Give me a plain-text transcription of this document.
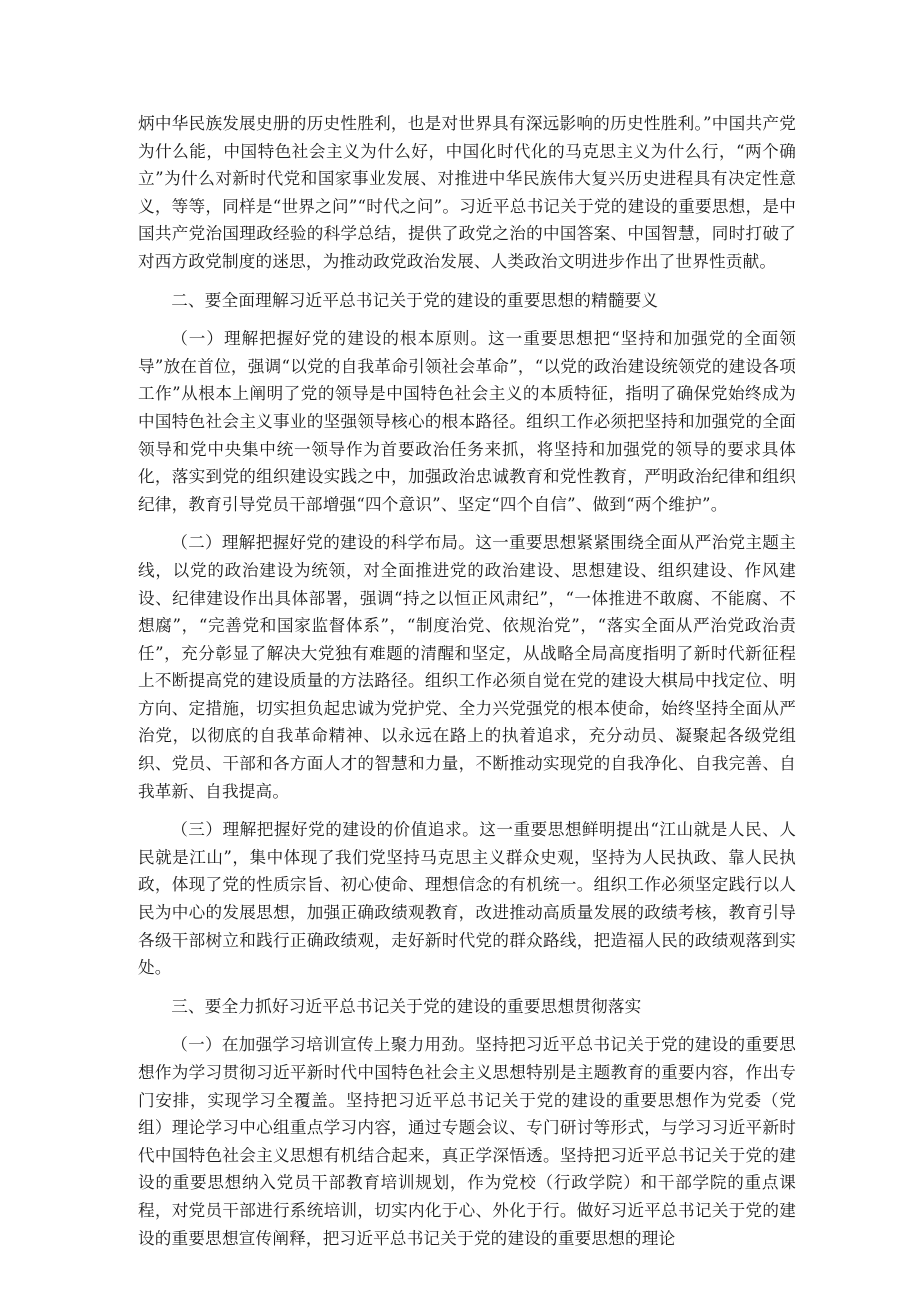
炳中华民族发展史册的历史性胜利，也是对世界具有深远影响的历史性胜利。”中国共产党为什么能，中国特色社会主义为什么好，中国化时代化的马克思主义为什么行，“两个确立”为什么对新时代党和国家事业发展、对推进中华民族伟大复兴历史进程具有决定性意义，等等，同样是“世界之问”“时代之问”。习近平总书记关于党的建设的重要思想，是中国共产党治国理政经验的科学总结，提供了政党之治的中国答案、中国智慧，同时打破了对西方政党制度的迷思，为推动政党政治发展、人类政治文明进步作出了世界性贡献。

二、要全面理解习近平总书记关于党的建设的重要思想的精髓要义

（一）理解把握好党的建设的根本原则。这一重要思想把“坚持和加强党的全面领导”放在首位，强调“以党的自我革命引领社会革命”，“以党的政治建设统领党的建设各项工作”从根本上阐明了党的领导是中国特色社会主义的本质特征，指明了确保党始终成为中国特色社会主义事业的坚强领导核心的根本路径。组织工作必须把坚持和加强党的全面领导和党中央集中统一领导作为首要政治任务来抓，将坚持和加强党的领导的要求具体化，落实到党的组织建设实践之中，加强政治忠诚教育和党性教育，严明政治纪律和组织纪律，教育引导党员干部增强“四个意识”、坚定“四个自信”、做到“两个维护”。

（二）理解把握好党的建设的科学布局。这一重要思想紧紧围绕全面从严治党主题主线，以党的政治建设为统领，对全面推进党的政治建设、思想建设、组织建设、作风建设、纪律建设作出具体部署，强调“持之以恒正风肃纪”，“一体推进不敢腐、不能腐、不想腐”，“完善党和国家监督体系”，“制度治党、依规治党”，“落实全面从严治党政治责任”，充分彰显了解决大党独有难题的清醒和坚定，从战略全局高度指明了新时代新征程上不断提高党的建设质量的方法路径。组织工作必须自觉在党的建设大棋局中找定位、明方向、定措施，切实担负起忠诚为党护党、全力兴党强党的根本使命，始终坚持全面从严治党，以彻底的自我革命精神、以永远在路上的执着追求，充分动员、凝聚起各级党组织、党员、干部和各方面人才的智慧和力量，不断推动实现党的自我净化、自我完善、自我革新、自我提高。

（三）理解把握好党的建设的价值追求。这一重要思想鲜明提出“江山就是人民、人民就是江山”，集中体现了我们党坚持马克思主义群众史观，坚持为人民执政、靠人民执政，体现了党的性质宗旨、初心使命、理想信念的有机统一。组织工作必须坚定践行以人民为中心的发展思想，加强正确政绩观教育，改进推动高质量发展的政绩考核，教育引导各级干部树立和践行正确政绩观，走好新时代党的群众路线，把造福人民的政绩观落到实处。

三、要全力抓好习近平总书记关于党的建设的重要思想贯彻落实

（一）在加强学习培训宣传上聚力用劲。坚持把习近平总书记关于党的建设的重要思想作为学习贯彻习近平新时代中国特色社会主义思想特别是主题教育的重要内容，作出专门安排，实现学习全覆盖。坚持把习近平总书记关于党的建设的重要思想作为党委（党组）理论学习中心组重点学习内容，通过专题会议、专门研讨等形式，与学习习近平新时代中国特色社会主义思想有机结合起来，真正学深悟透。坚持把习近平总书记关于党的建设的重要思想纳入党员干部教育培训规划，作为党校（行政学院）和干部学院的重点课程，对党员干部进行系统培训，切实内化于心、外化于行。做好习近平总书记关于党的建设的重要思想宣传阐释，把习近平总书记关于党的建设的重要思想的理论
